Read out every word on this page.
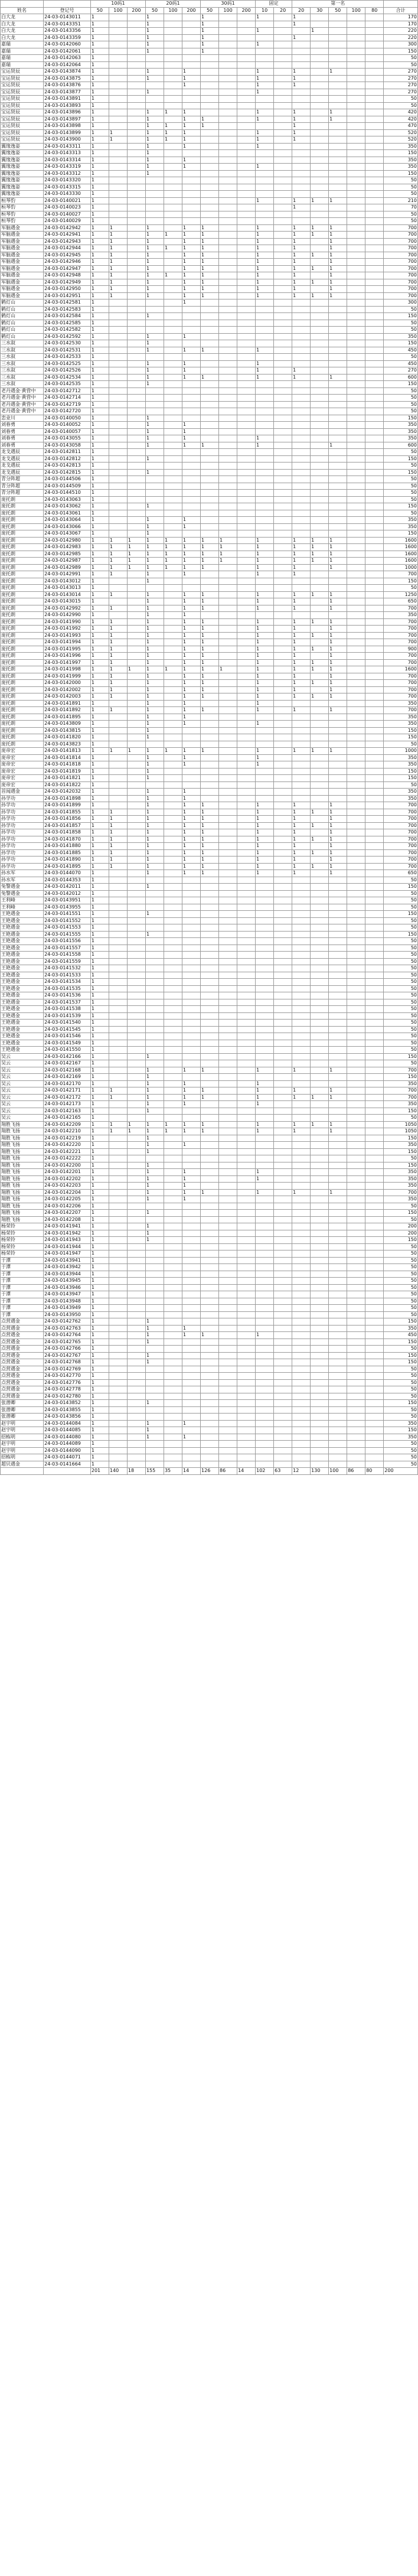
		10码1			20码1			30码1			固定		第一名					
姓名	登记号	50	100	200	50	100	200	50	100	200	10	20	20	30	50	100	80	合计
白大龙	24-03-0143011	1			1			1			1		1					170
白大龙	24-03-0143351	1			1			1					1					170
白大龙	24-03-0143356	1			1			1			1			1				220
白大龙	24-03-0143359	1			1			1					1					220
嘉瑞	24-03-0142060	1			1			1			1							300
嘉瑞	24-03-0142061	1			1			1										150
嘉瑞	24-03-0142063	1																50
嘉瑞	24-03-0142064	1																50
宝运贤辰	24-03-0143874	1			1		1				1		1		1			270
宝运贤辰	24-03-0143875	1			1		1				1		1					270
宝运贤辰	24-03-0143876	1					1				1		1					270
宝运贤辰	24-03-0143877	1			1						1							270
宝运贤辰	24-03-0143891	1																50
宝运贤辰	24-03-0143893	1																50
宝运贤辰	24-03-0143896	1			1	1	1				1		1		1			420
宝运贤辰	24-03-0143897	1			1		1	1			1		1		1			420
宝运贤辰	24-03-0143898	1			1	1	1	1					1					470
宝运贤辰	24-03-0143899	1	1		1	1	1				1		1					520
宝运贤辰	24-03-0143900	1	1		1	1	1				1		1					520
翼缘逸姿	24-03-0143311	1			1		1				1							350
翼缘逸姿	24-03-0143313	1			1													150
翼缘逸姿	24-03-0143314	1			1		1											350
翼缘逸姿	24-03-0143319	1			1		1				1							350
翼缘逸姿	24-03-0143312	1			1													150
翼缘逸姿	24-03-0143320	1																50
翼缘逸姿	24-03-0143315	1																50
翼缘逸姿	24-03-0143330	1																50
桓琴豹	24-03-0140021	1									1		1	1	1			210
桓琴豹	24-03-0140023	1											1					70
桓琴豹	24-03-0140027	1																50
桓琴豹	24-03-0140029	1																50
军脑遇金	24-03-0142942	1	1		1		1	1			1		1	1	1			700
军脑遇金	24-03-0142941	1	1		1	1	1	1			1		1	1	1			700
军脑遇金	24-03-0142943	1	1		1		1	1			1		1		1			700
军脑遇金	24-03-0142944	1	1		1	1	1	1			1		1		1			700
军脑遇金	24-03-0142945	1	1		1		1	1			1		1	1	1			700
军脑遇金	24-03-0142946	1	1		1		1	1			1		1		1			700
军脑遇金	24-03-0142947	1	1		1		1	1			1		1	1	1			700
军脑遇金	24-03-0142948	1	1		1	1	1	1			1		1		1			700
军脑遇金	24-03-0142949	1	1		1		1	1			1		1	1	1			700
军脑遇金	24-03-0142950	1	1		1		1	1			1		1		1			700
军脑遇金	24-03-0142951	1	1		1		1	1			1		1	1	1			700
鹤灯山	24-03-0142581	1					1											300
鹤灯山	24-03-0142583	1																50
鹤灯山	24-03-0142584	1			1													150
鹤灯山	24-03-0142585	1																50
鹤灯山	24-03-0142582	1																50
鹤灯山	24-03-0142592	1			1		1											350
三水叙	24-03-0142530	1			1													150
三水叙	24-03-0142531	1			1		1	1			1							450
三水叙	24-03-0142533	1																50
三水叙	24-03-0142525	1			1		1				1							450
三水叙	24-03-0142526	1			1		1				1		1					270
三水叙	24-03-0142534	1			1		1	1			1		1		1			600
三水叙	24-03-0142535	1			1													150
老丹遇金·黄营中	24-03-0142712	1																50
老丹遇金·黄营中	24-03-0142714	1																50
老丹遇金·黄营中	24-03-0142719	1																50
老丹遇金·黄营中	24-03-0142720	1																50
恋业川	24-03-0140050	1			1													150
刘春勇	24-03-0140052	1			1		1											350
刘春勇	24-03-0140057	1			1		1											350
刘春勇	24-03-0143055	1			1		1				1							350
刘春勇	24-03-0143058	1			1		1	1			1				1			600
龙戈遇辰	24-03-0142811	1																50
龙戈遇辰	24-03-0142812	1			1													150
龙戈遇辰	24-03-0142813	1																50
龙戈遇辰	24-03-0142815	1			1													150
青分阵超	24-03-0144506	1																50
青分阵超	24-03-0144509	1																50
青分阵超	24-03-0144510	1																50
庞托朗	24-03-0143063	1																50
庞托朗	24-03-0143062	1			1													150
庞托朗	24-03-0143061	1																50
庞托朗	24-03-0143064	1			1		1											350
庞托朗	24-03-0143066	1			1		1											350
庞托朗	24-03-0143067	1			1													150
庞托朗	24-03-0142980	1	1	1	1	1	1	1	1		1		1	1	1			1600
庞托朗	24-03-0142983	1	1	1	1	1	1	1	1		1		1	1	1			1600
庞托朗	24-03-0142985	1	1	1	1	1	1	1	1		1		1	1	1			1600
庞托朗	24-03-0142987	1	1	1	1	1	1	1	1		1		1	1	1			1600
庞托朗	24-03-0142989	1	1	1	1	1	1	1			1		1		1			1000
庞托朗	24-03-0142991	1	1		1		1				1		1					700
庞托朗	24-03-0143012	1			1													150
庞托朗	24-03-0143013	1																50
庞托朗	24-03-0143014	1	1		1		1	1			1		1	1	1			1250
庞托朗	24-03-0143015	1			1		1	1			1		1		1			650
庞托朗	24-03-0142992	1	1		1		1	1			1		1		1			700
庞托朗	24-03-0142990	1			1		1											350
庞托朗	24-03-0141990	1	1		1		1	1			1		1	1	1			700
庞托朗	24-03-0141992	1	1		1		1	1			1		1		1			700
庞托朗	24-03-0141993	1	1		1		1	1			1		1	1	1			700
庞托朗	24-03-0141994	1	1		1		1	1			1		1		1			700
庞托朗	24-03-0141995	1	1		1		1	1			1		1	1	1			900
庞托朗	24-03-0141996	1	1		1		1	1			1		1		1			700
庞托朗	24-03-0141997	1	1		1		1	1			1		1	1	1			700
庞托朗	24-03-0141998	1	1	1	1	1	1	1	1		1		1	1	1			1600
庞托朗	24-03-0141999	1	1		1		1	1			1		1		1			700
庞托朗	24-03-0142000	1	1		1		1	1			1		1	1	1			700
庞托朗	24-03-0142002	1	1		1		1	1			1		1		1			700
庞托朗	24-03-0142003	1	1		1		1	1			1		1	1	1			700
庞托朗	24-03-0141891	1			1		1				1							350
庞托朗	24-03-0141892	1	1		1		1	1			1		1		1			700
庞托朗	24-03-0141895	1			1		1											350
庞托朗	24-03-0143809	1			1		1				1							350
庞托朗	24-03-0143815	1			1													150
庞托朗	24-03-0141820	1			1													150
庞托朗	24-03-0143823	1																50
庞帝宏	24-03-0141813	1	1	1	1	1	1	1			1		1	1	1			1000
庞帝宏	24-03-0141814	1			1		1				1							350
庞帝宏	24-03-0141818	1			1		1				1							350
庞帝宏	24-03-0141819	1			1													150
庞帝宏	24-03-0141821	1			1													150
庞帝宏	24-03-0141822	1																50
首闻遇金	24-03-0142032	1			1		1											350
孙学功	24-03-0141898	1			1		1											350
孙学功	24-03-0141899	1			1		1	1			1		1		1			700
孙学功	24-03-0141855	1	1		1		1	1			1		1	1	1			700
孙学功	24-03-0141856	1	1		1		1	1			1		1		1			700
孙学功	24-03-0141857	1	1		1		1	1			1		1	1	1			700
孙学功	24-03-0141858	1	1		1		1	1			1		1		1			700
孙学功	24-03-0141870	1	1		1		1	1			1		1	1	1			700
孙学功	24-03-0141880	1	1		1		1	1			1		1		1			700
孙学功	24-03-0141885	1	1		1		1	1			1		1	1	1			700
孙学功	24-03-0141890	1	1		1		1	1			1		1		1			700
孙学功	24-03-0141895	1	1		1		1	1			1		1	1	1			700
孙水军	24-03-0144070	1			1		1	1			1		1		1			650
孙水军	24-03-0144353	1																50
兔警遇金	24-03-0142011	1			1													150
兔警遇金	24-03-0142012	1																50
王利峰	24-03-0143951	1																50
王利峰	24-03-0143955	1																50
王艳遇金	24-03-0141551	1			1													150
王艳遇金	24-03-0141552	1																50
王艳遇金	24-03-0141553	1																50
王艳遇金	24-03-0141555	1			1													150
王艳遇金	24-03-0141556	1																50
王艳遇金	24-03-0141557	1																50
王艳遇金	24-03-0141558	1																50
王艳遇金	24-03-0141559	1																50
王艳遇金	24-03-0141532	1																50
王艳遇金	24-03-0141533	1																50
王艳遇金	24-03-0141534	1																50
王艳遇金	24-03-0141535	1																50
王艳遇金	24-03-0141536	1																50
王艳遇金	24-03-0141537	1																50
王艳遇金	24-03-0141538	1																50
王艳遇金	24-03-0141539	1																50
王艳遇金	24-03-0141540	1																50
王艳遇金	24-03-0141545	1																50
王艳遇金	24-03-0141546	1																50
王艳遇金	24-03-0141549	1																50
王艳遇金	24-03-0141550	1																50
吴云	24-03-0142166	1			1													150
吴云	24-03-0142167	1																50
吴云	24-03-0142168	1			1		1	1			1		1		1			700
吴云	24-03-0142169	1			1													150
吴云	24-03-0142170	1			1		1				1							350
吴云	24-03-0142171	1	1		1		1	1			1		1		1			700
吴云	24-03-0142172	1	1		1		1	1			1		1	1	1			700
吴云	24-03-0142173	1			1		1				1							350
吴云	24-03-0142163	1			1													150
吴云	24-03-0142165	1																50
翔胜飞扬	24-03-0142209	1	1	1	1	1	1	1			1		1	1	1			1050
翔胜飞扬	24-03-0142210	1	1	1	1	1	1	1			1		1		1			1050
翔胜飞扬	24-03-0142219	1			1													150
翔胜飞扬	24-03-0142220	1			1		1											350
翔胜飞扬	24-03-0142221	1			1													150
翔胜飞扬	24-03-0142222	1																50
翔胜飞扬	24-03-0142200	1			1													150
翔胜飞扬	24-03-0142201	1			1		1				1							350
翔胜飞扬	24-03-0142202	1			1		1				1							350
翔胜飞扬	24-03-0142203	1			1		1											350
翔胜飞扬	24-03-0142204	1			1		1	1			1		1		1			700
翔胜飞扬	24-03-0142205	1			1		1											350
翔胜飞扬	24-03-0142206	1																50
翔胜飞扬	24-03-0142207	1			1													150
翔胜飞扬	24-03-0142208	1																50
杨荣铃	24-03-0141941	1			1													200
杨荣铃	24-03-0141942	1			1													200
杨荣铃	24-03-0141943	1			1													150
杨荣铃	24-03-0141944	1																50
杨荣铃	24-03-0141947	1																50
于潭	24-03-0143941	1																50
于潭	24-03-0143942	1																50
于潭	24-03-0143944	1																50
于潭	24-03-0143945	1																50
于潭	24-03-0143946	1																50
于潭	24-03-0143947	1																50
于潭	24-03-0143948	1																50
于潭	24-03-0143949	1																50
于潭	24-03-0143950	1																50
点营遇金	24-03-0142762	1			1													150
点营遇金	24-03-0142763	1			1		1											350
点营遇金	24-03-0142764	1			1		1	1			1							450
点营遇金	24-03-0142765	1			1													150
点营遇金	24-03-0142766	1																50
点营遇金	24-03-0142767	1			1													150
点营遇金	24-03-0142768	1			1													150
点营遇金	24-03-0142769	1																50
点营遇金	24-03-0142770	1																50
点营遇金	24-03-0142776	1																50
点营遇金	24-03-0142778	1																50
点营遇金	24-03-0142780	1																50
张潜卿	24-03-0143852	1			1													150
张潜卿	24-03-0143855	1																50
张潜卿	24-03-0143856	1																50
赵宇明	24-03-0144084	1			1		1											350
赵宇明	24-03-0144085	1			1													150
招栋明	24-03-0144080	1			1		1											350
赵宇明	24-03-0144089	1																50
赵宇明	24-03-0144090	1																50
招栋明	24-03-0144071	1																50
超贝遇金	24-03-0141664	1																50
		201	140	18	155	35	14	126	86	14	102	63	12	130	100	86	80	200
